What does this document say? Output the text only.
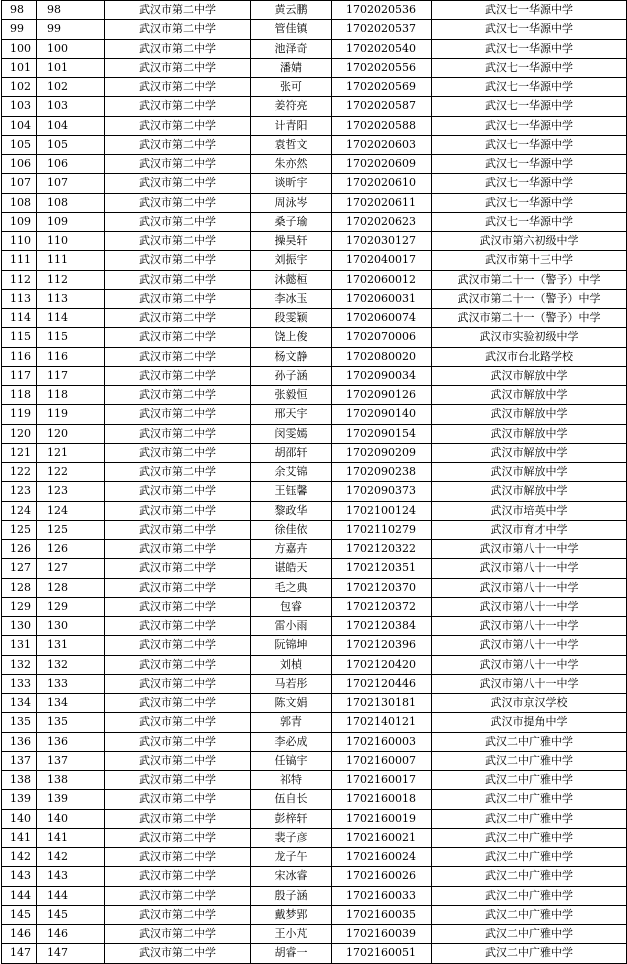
98	98	武汉市第二中学	黄云鹏	1702020536	武汉七一华源中学
99	99	武汉市第二中学	管佳镇	1702020537	武汉七一华源中学
100	100	武汉市第二中学	池泽奇	1702020540	武汉七一华源中学
101	101	武汉市第二中学	潘婧	1702020556	武汉七一华源中学
102	102	武汉市第二中学	张可	1702020569	武汉七一华源中学
103	103	武汉市第二中学	姜符亮	1702020587	武汉七一华源中学
104	104	武汉市第二中学	计青阳	1702020588	武汉七一华源中学
105	105	武汉市第二中学	袁哲文	1702020603	武汉七一华源中学
106	106	武汉市第二中学	朱亦然	1702020609	武汉七一华源中学
107	107	武汉市第二中学	谈昕宇	1702020610	武汉七一华源中学
108	108	武汉市第二中学	周泳岑	1702020611	武汉七一华源中学
109	109	武汉市第二中学	桑子瑜	1702020623	武汉七一华源中学
110	110	武汉市第二中学	操昊轩	1702030127	武汉市第六初级中学
111	111	武汉市第二中学	刘振宇	1702040017	武汉市第十三中学
112	112	武汉市第二中学	沐懿桓	1702060012	武汉市第二十一（警予）中学
113	113	武汉市第二中学	李冰玉	1702060031	武汉市第二十一（警予）中学
114	114	武汉市第二中学	段雯颖	1702060074	武汉市第二十一（警予）中学
115	115	武汉市第二中学	饶上俊	1702070006	武汉市实验初级中学
116	116	武汉市第二中学	杨文静	1702080020	武汉市台北路学校
117	117	武汉市第二中学	孙子涵	1702090034	武汉市解放中学
118	118	武汉市第二中学	张毅恒	1702090126	武汉市解放中学
119	119	武汉市第二中学	邢天宇	1702090140	武汉市解放中学
120	120	武汉市第二中学	闵雯嫣	1702090154	武汉市解放中学
121	121	武汉市第二中学	胡邵轩	1702090209	武汉市解放中学
122	122	武汉市第二中学	余艾锦	1702090238	武汉市解放中学
123	123	武汉市第二中学	王钰馨	1702090373	武汉市解放中学
124	124	武汉市第二中学	黎政华	1702100124	武汉市培英中学
125	125	武汉市第二中学	徐佳依	1702110279	武汉市育才中学
126	126	武汉市第二中学	方嘉卉	1702120322	武汉市第八十一中学
127	127	武汉市第二中学	谌皓天	1702120351	武汉市第八十一中学
128	128	武汉市第二中学	毛之典	1702120370	武汉市第八十一中学
129	129	武汉市第二中学	包睿	1702120372	武汉市第八十一中学
130	130	武汉市第二中学	雷小雨	1702120384	武汉市第八十一中学
131	131	武汉市第二中学	阮锦坤	1702120396	武汉市第八十一中学
132	132	武汉市第二中学	刘楨	1702120420	武汉市第八十一中学
133	133	武汉市第二中学	马若彤	1702120446	武汉市第八十一中学
134	134	武汉市第二中学	陈文娟	1702130181	武汉市京汉学校
135	135	武汉市第二中学	郭青	1702140121	武汉市提角中学
136	136	武汉市第二中学	李必成	1702160003	武汉二中广雅中学
137	137	武汉市第二中学	任镐宇	1702160007	武汉二中广雅中学
138	138	武汉市第二中学	祁特	1702160017	武汉二中广雅中学
139	139	武汉市第二中学	伍自长	1702160018	武汉二中广雅中学
140	140	武汉市第二中学	彭梓轩	1702160019	武汉二中广雅中学
141	141	武汉市第二中学	裴子彦	1702160021	武汉二中广雅中学
142	142	武汉市第二中学	龙子午	1702160024	武汉二中广雅中学
143	143	武汉市第二中学	宋冰睿	1702160026	武汉二中广雅中学
144	144	武汉市第二中学	殷子涵	1702160033	武汉二中广雅中学
145	145	武汉市第二中学	戴梦郢	1702160035	武汉二中广雅中学
146	146	武汉市第二中学	王小芃	1702160039	武汉二中广雅中学
147	147	武汉市第二中学	胡睿一	1702160051	武汉二中广雅中学
